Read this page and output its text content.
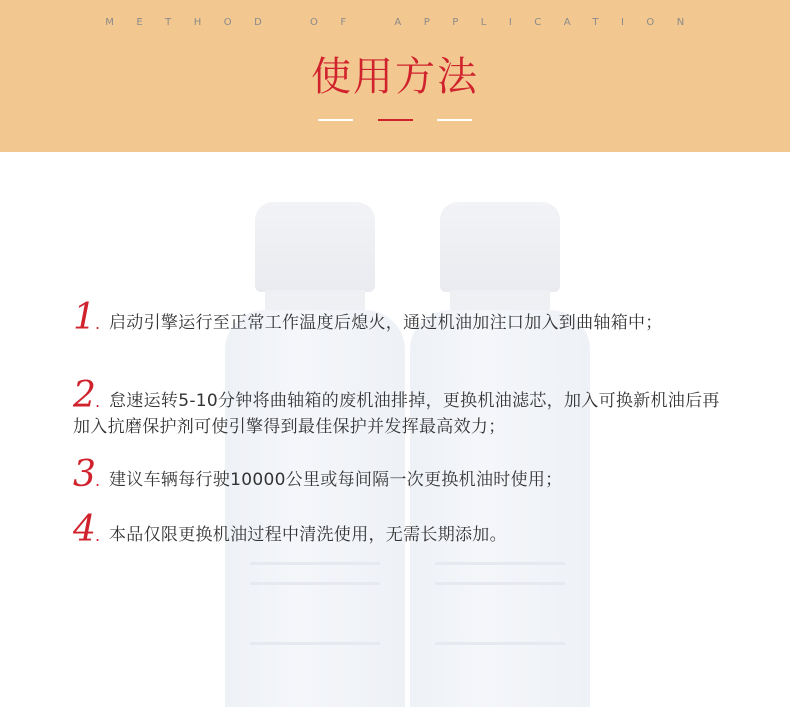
METHOD OF APPLICATION
使用方法
1 . 启动引擎运行至正常工作温度后熄火，通过机油加注口加入到曲轴箱中；
2 . 怠速运转5-10分钟将曲轴箱的废机油排掉，更换机油滤芯，加入可换新机油后再加入抗磨保护剂可使引擎得到最佳保护并发挥最高效力；
3 . 建议车辆每行驶10000公里或每间隔一次更换机油时使用；
4 . 本品仅限更换机油过程中清洗使用，无需长期添加。
